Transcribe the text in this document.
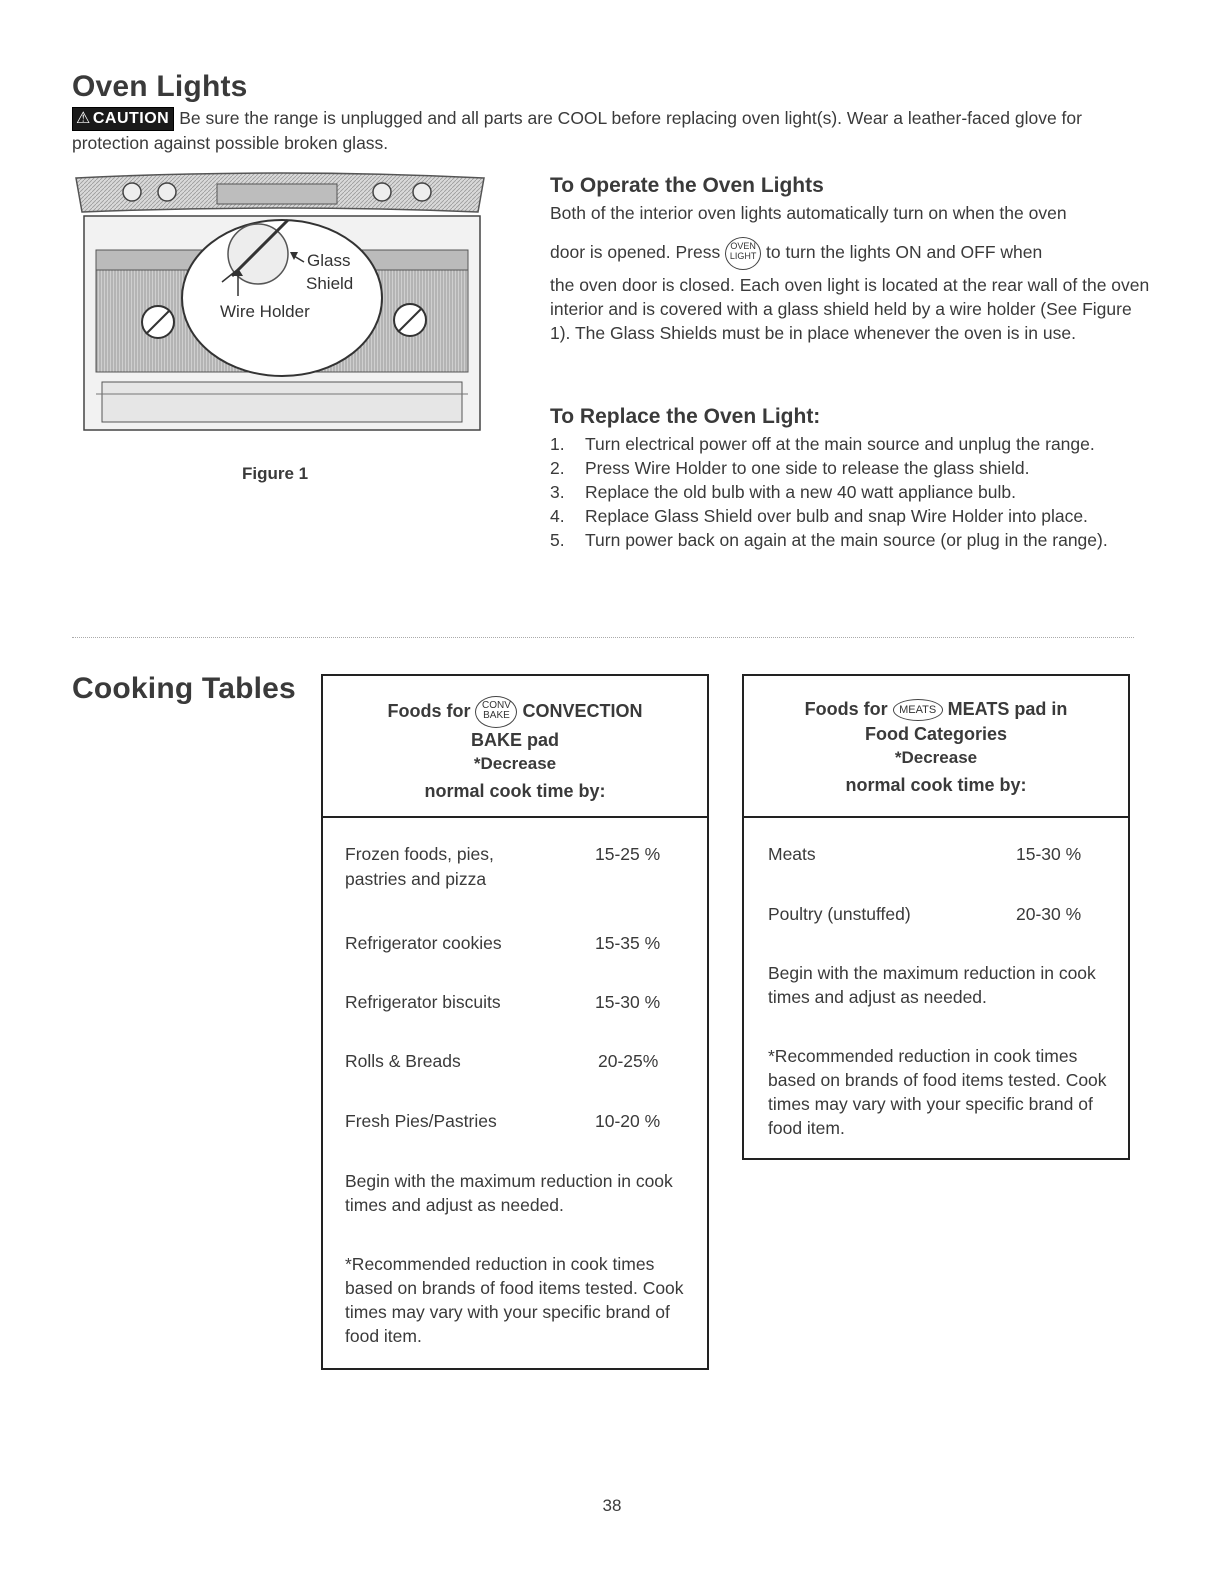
Oven Lights
⚠ CAUTION Be sure the range is unplugged and all parts are COOL before replacing oven light(s). Wear a leather-faced glove for protection against possible broken glass.
Glass
Shield
Wire Holder
Figure 1
To Operate the Oven Lights
Both of the interior oven lights automatically turn on when the oven
door is opened. Press OVEN
LIGHT to turn the lights ON and OFF when
the oven door is closed. Each oven light is located at the rear wall of the oven interior and is covered with a glass shield held by a wire holder (See Figure 1). The Glass Shields must be in place whenever the oven is in use.
To Replace the Oven Light:
1. Turn electrical power off at the main source and unplug the range.
2. Press Wire Holder to one side to release the glass shield.
3. Replace the old bulb with a new 40 watt appliance bulb.
4. Replace Glass Shield over bulb and snap Wire Holder into place.
5. Turn power back on again at the main source (or plug in the range).
Cooking Tables
Foods for CONV
BAKE CONVECTION
BAKE pad
*Decrease
normal cook time by:
Frozen foods, pies,
pastries and pizza
15-25 %
Refrigerator cookies	15-35 %
Refrigerator biscuits	15-30 %
Rolls & Breads	20-25%
Fresh Pies/Pastries	10-20 %
Begin with the maximum reduction in cook times and adjust as needed.
*Recommended reduction in cook times based on brands of food items tested. Cook times may vary with your specific brand of food item.
Foods for MEATS MEATS pad in
Food Categories
*Decrease
normal cook time by:
Meats	15-30 %
Poultry (unstuffed)	20-30 %
Begin with the maximum reduction in cook times and adjust as needed.
*Recommended reduction in cook times based on brands of food items tested. Cook times may vary with your specific brand of food item.
38
